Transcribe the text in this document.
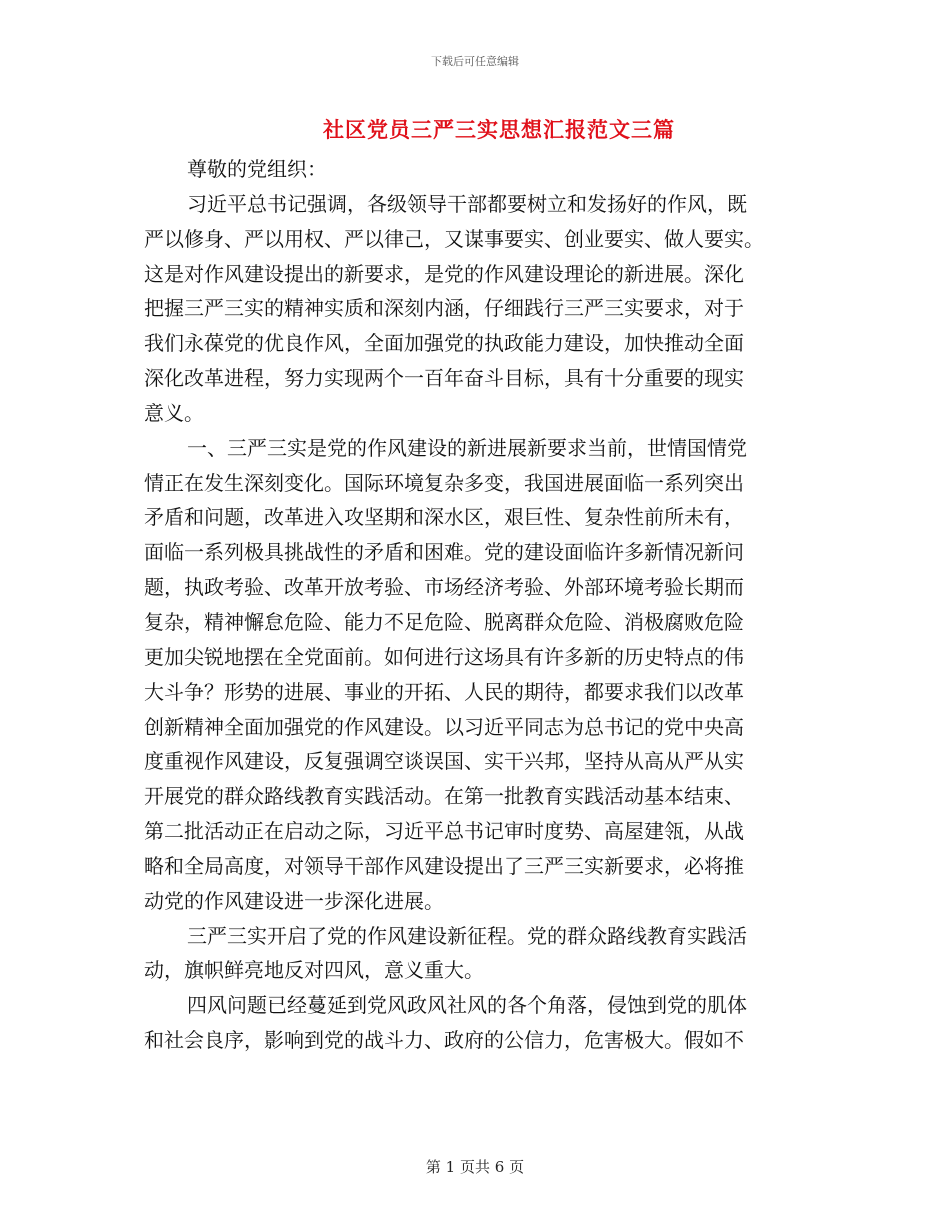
下载后可任意编辑
社区党员三严三实思想汇报范文三篇
尊敬的党组织：
习近平总书记强调，各级领导干部都要树立和发扬好的作风，既
严以修身、严以用权、严以律己，又谋事要实、创业要实、做人要实。
这是对作风建设提出的新要求，是党的作风建设理论的新进展。深化
把握三严三实的精神实质和深刻内涵，仔细践行三严三实要求，对于
我们永葆党的优良作风，全面加强党的执政能力建设，加快推动全面
深化改革进程，努力实现两个一百年奋斗目标，具有十分重要的现实
意义。
一、三严三实是党的作风建设的新进展新要求当前，世情国情党
情正在发生深刻变化。国际环境复杂多变，我国进展面临一系列突出
矛盾和问题，改革进入攻坚期和深水区，艰巨性、复杂性前所未有，
面临一系列极具挑战性的矛盾和困难。党的建设面临许多新情况新问
题，执政考验、改革开放考验、市场经济考验、外部环境考验长期而
复杂，精神懈怠危险、能力不足危险、脱离群众危险、消极腐败危险
更加尖锐地摆在全党面前。如何进行这场具有许多新的历史特点的伟
大斗争？形势的进展、事业的开拓、人民的期待，都要求我们以改革
创新精神全面加强党的作风建设。以习近平同志为总书记的党中央高
度重视作风建设，反复强调空谈误国、实干兴邦，坚持从高从严从实
开展党的群众路线教育实践活动。在第一批教育实践活动基本结束、
第二批活动正在启动之际，习近平总书记审时度势、高屋建瓴，从战
略和全局高度，对领导干部作风建设提出了三严三实新要求，必将推
动党的作风建设进一步深化进展。
三严三实开启了党的作风建设新征程。党的群众路线教育实践活
动，旗帜鲜亮地反对四风，意义重大。
四风问题已经蔓延到党风政风社风的各个角落，侵蚀到党的肌体
和社会良序，影响到党的战斗力、政府的公信力，危害极大。假如不
第 1 页共 6 页
